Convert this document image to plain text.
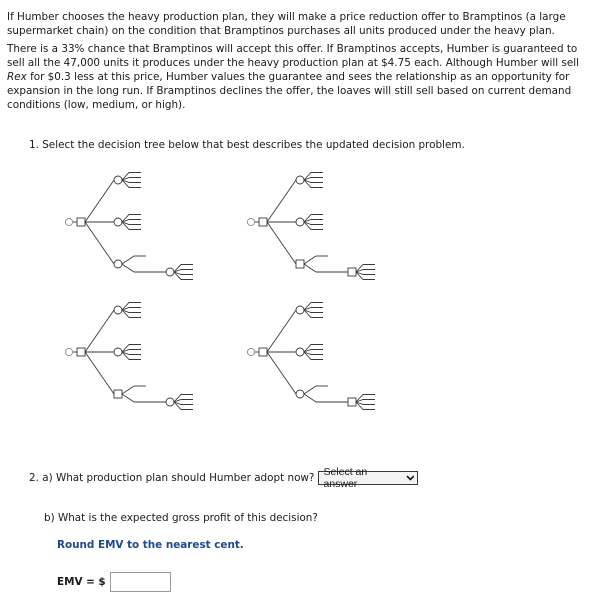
If Humber chooses the heavy production plan, they will make a price reduction offer to Bramptinos (a large supermarket chain) on the condition that Bramptinos purchases all units produced under the heavy plan.

There is a 33% chance that Bramptinos will accept this offer. If Bramptinos accepts, Humber is guaranteed to sell all the 47,000 units it produces under the heavy production plan at $4.75 each. Although Humber will sell Rex for $0.3 less at this price, Humber values the guarantee and sees the relationship as an opportunity for expansion in the long run. If Bramptinos declines the offer, the loaves will still sell based on current demand conditions (low, medium, or high).

1. Select the decision tree below that best describes the updated decision problem.

2. a) What production plan should Humber adopt now? Select an answer

b) What is the expected gross profit of this decision?

Round EMV to the nearest cent.

EMV = $
